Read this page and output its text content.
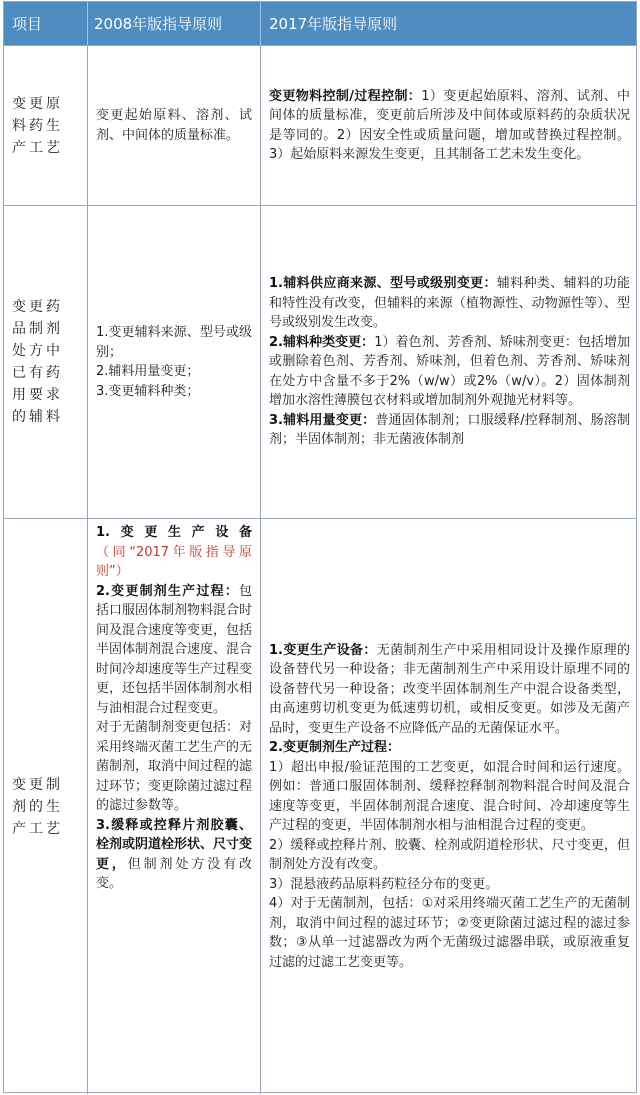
项目	2008年版指导原则	2017年版指导原则
变更原料药生产工艺
变更起始原料、溶剂、试剂、中间体的质量标准。
变更物料控制/过程控制：1）变更起始原料、溶剂、试剂、中间体的质量标准，变更前后所涉及中间体或原料药的杂质状况是等同的。2）因安全性或质量问题，增加或替换过程控制。3）起始原料来源发生变更，且其制备工艺未发生变化。
变更药品制剂处方中已有药用要求的辅料
1.变更辅料来源、型号或级别；
2.辅料用量变更；
3.变更辅料种类；
1.辅料供应商来源、型号或级别变更：辅料种类、辅料的功能和特性没有改变，但辅料的来源（植物源性、动物源性等）、型号或级别发生改变。
2.辅料种类变更：1）着色剂、芳香剂、矫味剂变更：包括增加或删除着色剂、芳香剂、矫味剂，但着色剂、芳香剂、矫味剂在处方中含量不多于2%（w/w）或2%（w/v）。2）固体制剂增加水溶性薄膜包衣材料或增加制剂外观抛光材料等。
3.辅料用量变更：普通固体制剂；口服缓释/控释制剂、肠溶制剂；半固体制剂；非无菌液体制剂
变更制剂的生产工艺
1.变更生产设备（同“2017年版指导原则”）
2.变更制剂生产过程：包括口服固体制剂物料混合时间及混合速度等变更，包括半固体制剂混合速度、混合时间冷却速度等生产过程变更，还包括半固体制剂水相与油相混合过程变更。
对于无菌制剂变更包括：对采用终端灭菌工艺生产的无菌制剂，取消中间过程的滤过环节；变更除菌过滤过程的滤过参数等。
3.缓释或控释片剂胶囊、栓剂或阴道栓形状、尺寸变更，但制剂处方没有改变。
1.变更生产设备：无菌制剂生产中采用相同设计及操作原理的设备替代另一种设备；非无菌制剂生产中采用设计原理不同的设备替代另一种设备；改变半固体制剂生产中混合设备类型，由高速剪切机变更为低速剪切机，或相反变更。如涉及无菌产品时，变更生产设备不应降低产品的无菌保证水平。
2.变更制剂生产过程：
1）超出申报/验证范围的工艺变更，如混合时间和运行速度。例如：普通口服固体制剂、缓释控释制剂物料混合时间及混合速度等变更，半固体制剂混合速度、混合时间、冷却速度等生产过程的变更，半固体制剂水相与油相混合过程的变更。
2）缓释或控释片剂、胶囊、栓剂或阴道栓形状、尺寸变更，但制剂处方没有改变。
3）混悬液药品原料药粒径分布的变更。
4）对于无菌制剂，包括：①对采用终端灭菌工艺生产的无菌制剂，取消中间过程的滤过环节；②变更除菌过滤过程的滤过参数；③从单一过滤器改为两个无菌级过滤器串联，或原液重复过滤的过滤工艺变更等。
